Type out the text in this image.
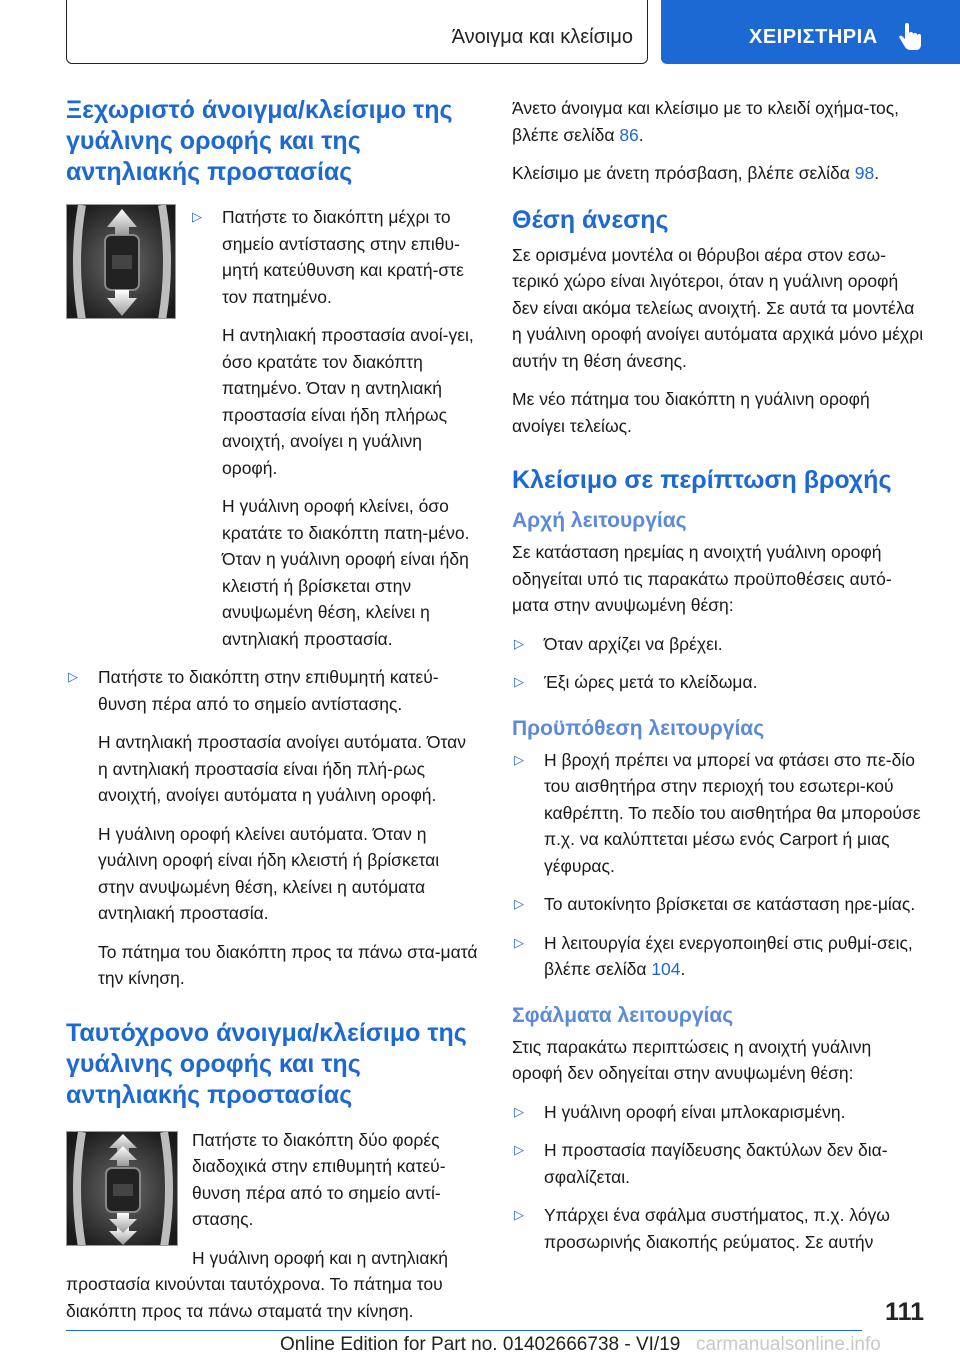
Άνοιγμα και κλείσιμο	ΧΕΙΡΙΣΤΗΡΙΑ
Ξεχωριστό άνοιγμα/κλείσιμο της γυάλινης οροφής και της αντηλιακής προστασίας
▷	Πατήστε το διακόπτη μέχρι το σημείο αντίστασης στην επιθυ-μητή κατεύθυνση και κρατή-στε τον πατημένο.

Η αντηλιακή προστασία ανοί-γει, όσο κρατάτε τον διακόπτη πατημένο. Όταν η αντηλιακή προστασία είναι ήδη πλήρως ανοιχτή, ανοίγει η γυάλινη οροφή.

Η γυάλινη οροφή κλείνει, όσο κρατάτε το διακόπτη πατη-μένο. Όταν η γυάλινη οροφή είναι ήδη κλειστή ή βρίσκεται στην ανυψωμένη θέση, κλείνει η αντηλιακή προστασία.

▷	Πατήστε το διακόπτη στην επιθυμητή κατεύ-θυνση πέρα από το σημείο αντίστασης.

Η αντηλιακή προστασία ανοίγει αυτόματα. Όταν η αντηλιακή προστασία είναι ήδη πλή-ρως ανοιχτή, ανοίγει αυτόματα η γυάλινη οροφή.

Η γυάλινη οροφή κλείνει αυτόματα. Όταν η γυάλινη οροφή είναι ήδη κλειστή ή βρίσκεται στην ανυψωμένη θέση, κλείνει η αυτόματα αντηλιακή προστασία.

Το πάτημα του διακόπτη προς τα πάνω στα-ματά την κίνηση.

Ταυτόχρονο άνοιγμα/κλείσιμο της γυάλινης οροφής και της αντηλιακής προστασίας

Πατήστε το διακόπτη δύο φορές διαδοχικά στην επιθυμητή κατεύ-θυνση πέρα από το σημείο αντί-στασης.

Η γυάλινη οροφή και η αντηλιακή προστασία κινούνται ταυτόχρονα. Το πάτημα του διακόπτη προς τα πάνω σταματά την κίνηση.

Άνετο άνοιγμα και κλείσιμο με το κλειδί οχήμα-τος, βλέπε σελίδα 86.

Κλείσιμο με άνετη πρόσβαση, βλέπε σελίδα 98.

Θέση άνεσης

Σε ορισμένα μοντέλα οι θόρυβοι αέρα στον εσω-τερικό χώρο είναι λιγότεροι, όταν η γυάλινη οροφή δεν είναι ακόμα τελείως ανοιχτή. Σε αυτά τα μοντέλα η γυάλινη οροφή ανοίγει αυτόματα αρχικά μόνο μέχρι αυτήν τη θέση άνεσης.

Με νέο πάτημα του διακόπτη η γυάλινη οροφή ανοίγει τελείως.

Κλείσιμο σε περίπτωση βροχής
Αρχή λειτουργίας

Σε κατάσταση ηρεμίας η ανοιχτή γυάλινη οροφή οδηγείται υπό τις παρακάτω προϋποθέσεις αυτό-ματα στην ανυψωμένη θέση:

▷	Όταν αρχίζει να βρέχει.

▷	Έξι ώρες μετά το κλείδωμα.

Προϋπόθεση λειτουργίας
▷	Η βροχή πρέπει να μπορεί να φτάσει στο πε-δίο του αισθητήρα στην περιοχή του εσωτερι-κού καθρέπτη. Το πεδίο του αισθητήρα θα μπορούσε π.χ. να καλύπτεται μέσω ενός Carport ή μιας γέφυρας.

▷	Το αυτοκίνητο βρίσκεται σε κατάσταση ηρε-μίας.

▷	Η λειτουργία έχει ενεργοποιηθεί στις ρυθμί-σεις, βλέπε σελίδα 104.

Σφάλματα λειτουργίας

Στις παρακάτω περιπτώσεις η ανοιχτή γυάλινη οροφή δεν οδηγείται στην ανυψωμένη θέση:

▷	Η γυάλινη οροφή είναι μπλοκαρισμένη.

▷	Η προστασία παγίδευσης δακτύλων δεν δια-σφαλίζεται.

▷	Υπάρχει ένα σφάλμα συστήματος, π.χ. λόγω προσωρινής διακοπής ρεύματος. Σε αυτήν

111
Online Edition for Part no. 01402666738 - VI/19 carmanualsonline.info
